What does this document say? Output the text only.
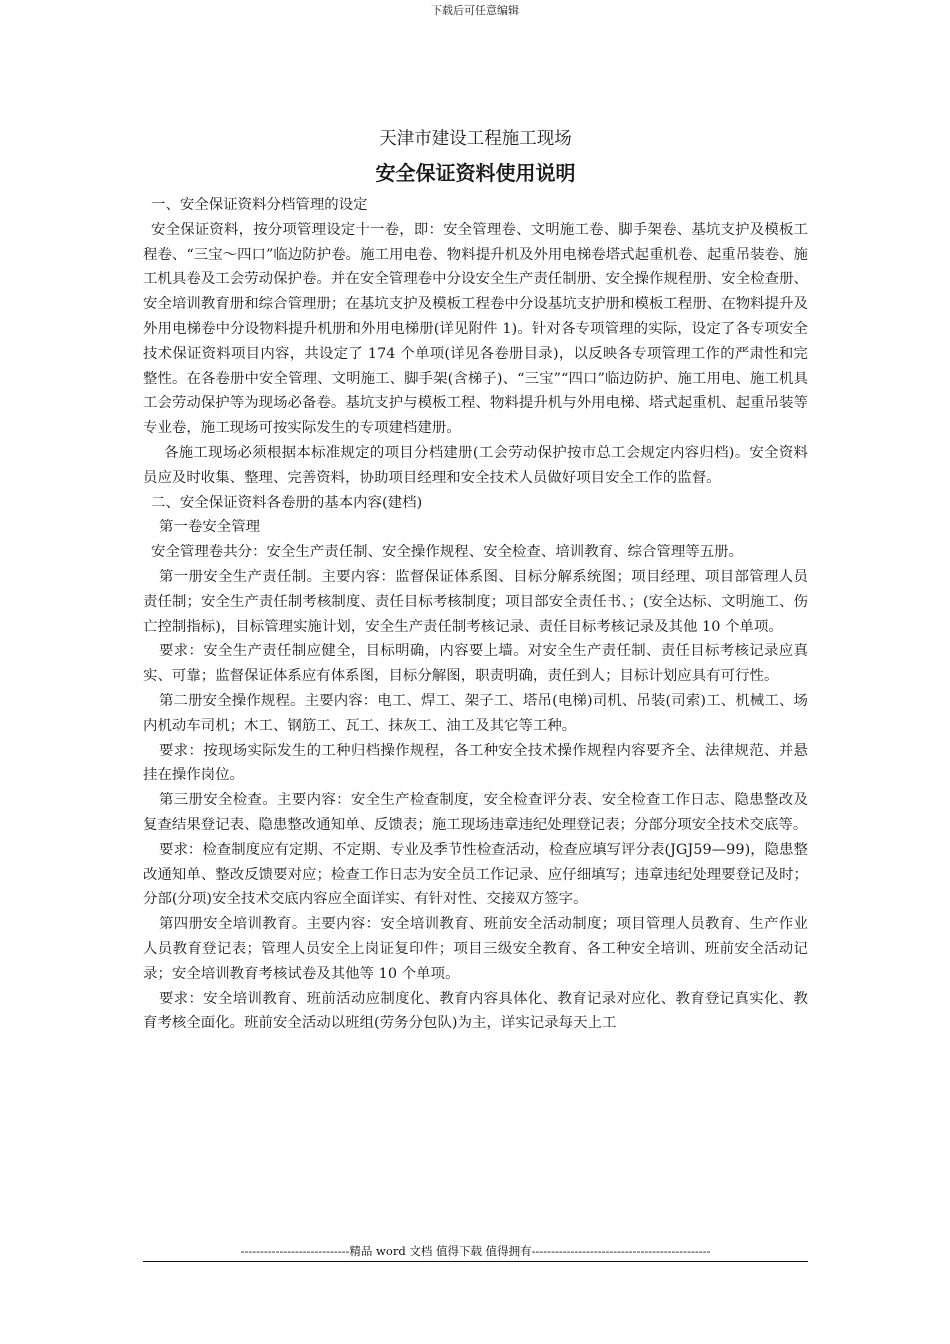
下载后可任意编辑
天津市建设工程施工现场
安全保证资料使用说明

一、安全保证资料分档管理的设定

安全保证资料，按分项管理设定十一卷，即：安全管理卷、文明施工卷、脚手架卷、基坑支护及模板工程卷、“三宝～四口”临边防护卷。施工用电卷、物料提升机及外用电梯卷塔式起重机卷、起重吊装卷、施工机具卷及工会劳动保护卷。并在安全管理卷中分设安全生产责任制册、安全操作规程册、安全检查册、安全培训教育册和综合管理册；在基坑支护及模板工程卷中分设基坑支护册和模板工程册、在物料提升及外用电梯卷中分设物料提升机册和外用电梯册(详见附件 1)。针对各专项管理的实际，设定了各专项安全技术保证资料项目内容，共设定了 174 个单项(详见各卷册目录)，以反映各专项管理工作的严肃性和完整性。在各卷册中安全管理、文明施工、脚手架(含梯子)、“三宝”“四口”临边防护、施工用电、施工机具工会劳动保护等为现场必备卷。基坑支护与模板工程、物料提升机与外用电梯、塔式起重机、起重吊装等专业卷，施工现场可按实际发生的专项建档建册。

各施工现场必须根据本标准规定的项目分档建册(工会劳动保护按市总工会规定内容归档)。安全资料员应及时收集、整理、完善资料，协助项目经理和安全技术人员做好项目安全工作的监督。

二、安全保证资料各卷册的基本内容(建档)

第一卷安全管理

安全管理卷共分：安全生产责任制、安全操作规程、安全检查、培训教育、综合管理等五册。

第一册安全生产责任制。主要内容：监督保证体系图、目标分解系统图；项目经理、项目部管理人员责任制；安全生产责任制考核制度、责任目标考核制度；项目部安全责任书、；(安全达标、文明施工、伤亡控制指标)，目标管理实施计划，安全生产责任制考核记录、责任目标考核记录及其他 10 个单项。

要求：安全生产责任制应健全，目标明确，内容要上墙。对安全生产责任制、责任目标考核记录应真实、可靠；监督保证体系应有体系图，目标分解图，职责明确，责任到人；目标计划应具有可行性。

第二册安全操作规程。主要内容：电工、焊工、架子工、塔吊(电梯)司机、吊装(司索)工、机械工、场内机动车司机；木工、钢筋工、瓦工、抹灰工、油工及其它等工种。

要求：按现场实际发生的工种归档操作规程，各工种安全技术操作规程内容要齐全、法律规范、并悬挂在操作岗位。

第三册安全检查。主要内容：安全生产检查制度，安全检查评分表、安全检查工作日志、隐患整改及复查结果登记表、隐患整改通知单、反馈表；施工现场违章违纪处理登记表；分部分项安全技术交底等。

要求：检查制度应有定期、不定期、专业及季节性检查活动，检查应填写评分表(JGJ59—99)，隐患整改通知单、整改反馈要对应；检查工作日志为安全员工作记录、应仔细填写；违章违纪处理要登记及时；分部(分项)安全技术交底内容应全面详实、有针对性、交接双方签字。

第四册安全培训教育。主要内容：安全培训教育、班前安全活动制度；项目管理人员教育、生产作业人员教育登记表；管理人员安全上岗证复印件；项目三级安全教育、各工种安全培训、班前安全活动记录；安全培训教育考核试卷及其他等 10 个单项。

要求：安全培训教育、班前活动应制度化、教育内容具体化、教育记录对应化、教育登记真实化、教育考核全面化。班前安全活动以班组(劳务分包队)为主，详实记录每天上工

----------------------------精品 word 文档 值得下载 值得拥有----------------------------------------------
